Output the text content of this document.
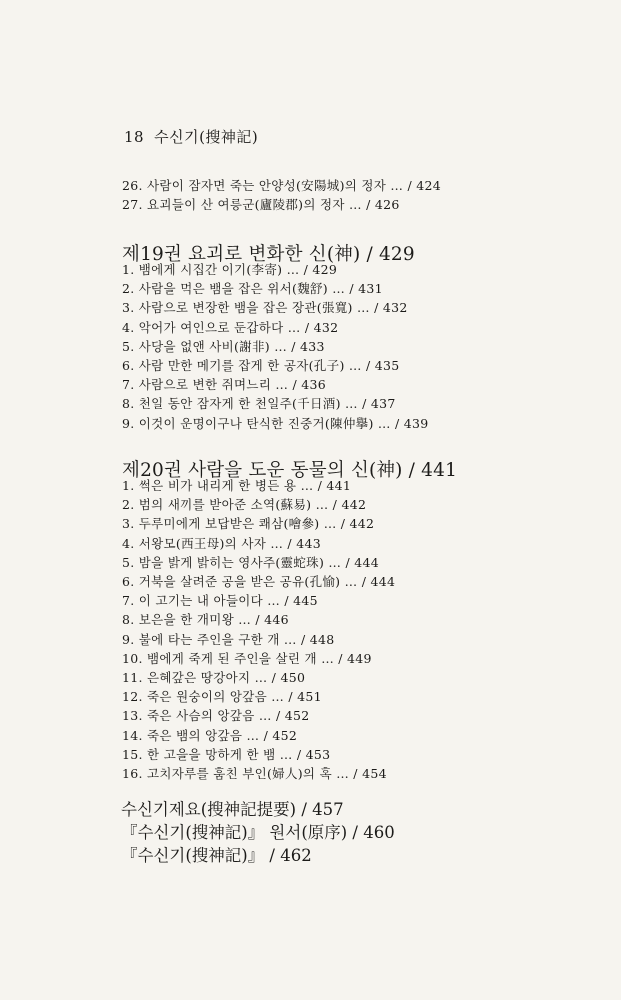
18 수신기(搜神記)
26. 사람이 잠자면 죽는 안양성(安陽城)의 정자 … / 424
27. 요괴들이 산 여릉군(廬陵郡)의 정자 … / 426
제19권 요괴로 변화한 신(神) / 429
1. 뱀에게 시집간 이기(李寄) … / 429
2. 사람을 먹은 뱀을 잡은 위서(魏舒) … / 431
3. 사람으로 변장한 뱀을 잡은 장관(張寬) … / 432
4. 악어가 여인으로 둔갑하다 … / 432
5. 사당을 없앤 사비(謝非) … / 433
6. 사람 만한 메기를 잡게 한 공자(孔子) … / 435
7. 사람으로 변한 쥐며느리 … / 436
8. 천일 동안 잠자게 한 천일주(千日酒) … / 437
9. 이것이 운명이구나 탄식한 진중거(陳仲擧) … / 439
제20권 사람을 도운 동물의 신(神) / 441
1. 썩은 비가 내리게 한 병든 용 … / 441
2. 범의 새끼를 받아준 소역(蘇易) … / 442
3. 두루미에게 보답받은 쾌삼(噲參) … / 442
4. 서왕모(西王母)의 사자 … / 443
5. 밤을 밝게 밝히는 영사주(靈蛇珠) … / 444
6. 거북을 살려준 공을 받은 공유(孔愉) … / 444
7. 이 고기는 내 아들이다 … / 445
8. 보은을 한 개미왕 … / 446
9. 불에 타는 주인을 구한 개 … / 448
10. 뱀에게 죽게 된 주인을 살린 개 … / 449
11. 은혜갚은 땅강아지 … / 450
12. 죽은 원숭이의 앙갚음 … / 451
13. 죽은 사슴의 앙갚음 … / 452
14. 죽은 뱀의 앙갚음 … / 452
15. 한 고을을 망하게 한 뱀 … / 453
16. 고치자루를 훔친 부인(婦人)의 혹 … / 454
수신기제요(搜神記提要) / 457
『수신기(搜神記)』 원서(原序) / 460
『수신기(搜神記)』 / 462
